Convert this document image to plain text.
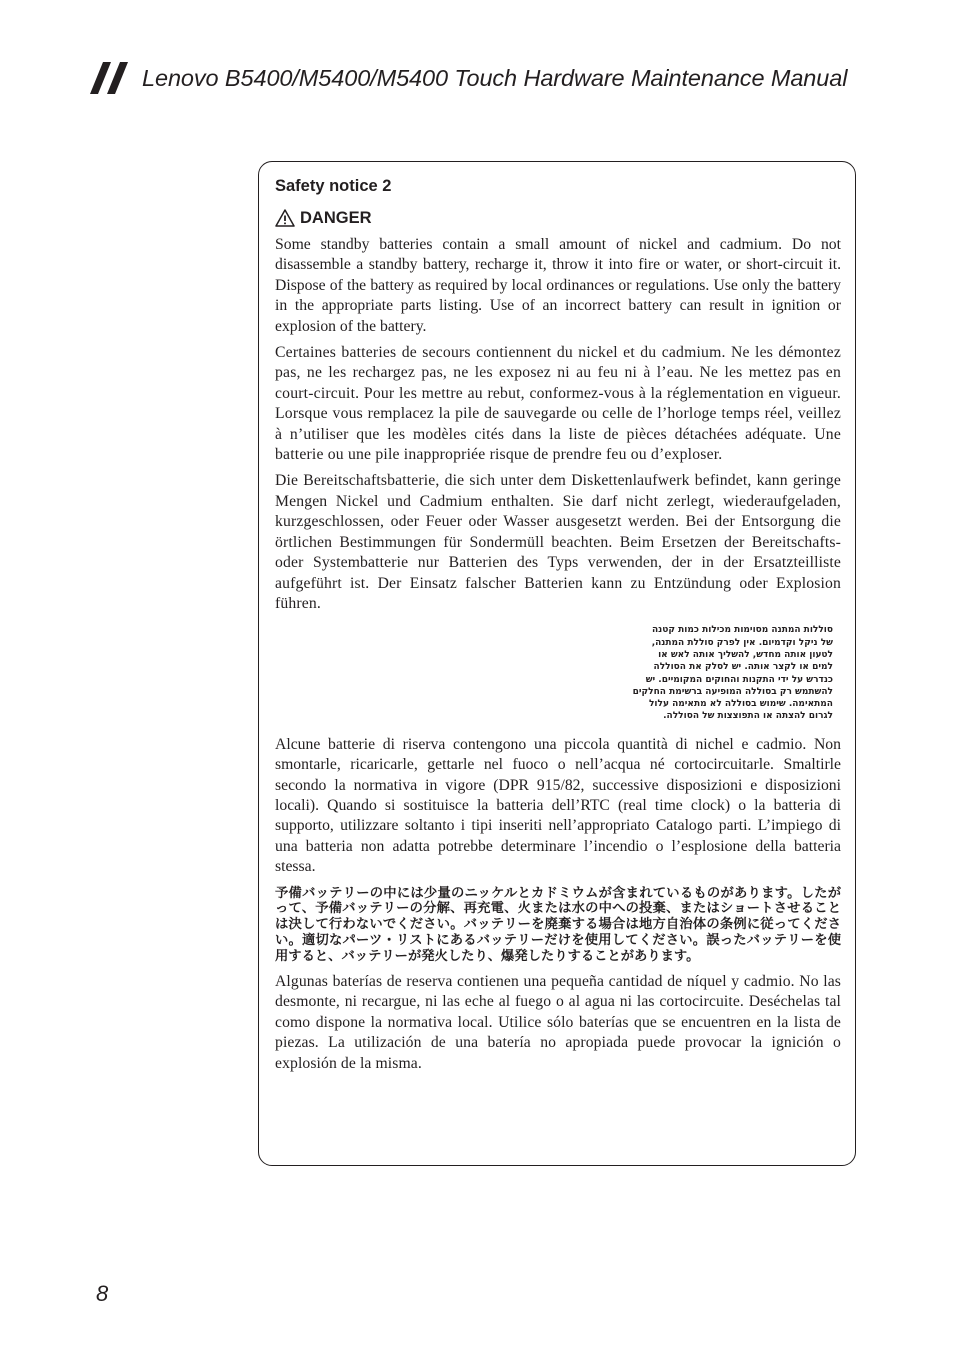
Lenovo B5400/M5400/M5400 Touch Hardware Maintenance Manual
Safety notice 2
DANGER

Some standby batteries contain a small amount of nickel and cadmium. Do not disassemble a standby battery, recharge it, throw it into fire or water, or short-circuit it. Dispose of the battery as required by local ordinances or regulations. Use only the battery in the appropriate parts listing. Use of an incorrect battery can result in ignition or explosion of the battery.

Certaines batteries de secours contiennent du nickel et du cadmium. Ne les démontez pas, ne les rechargez pas, ne les exposez ni au feu ni à l’eau. Ne les mettez pas en court-circuit. Pour les mettre au rebut, conformez-vous à la réglementation en vigueur. Lorsque vous remplacez la pile de sauvegarde ou celle de l’horloge temps réel, veillez à n’utiliser que les modèles cités dans la liste de pièces détachées adéquate. Une batterie ou une pile inappropriée risque de prendre feu ou d’exploser.

Die Bereitschaftsbatterie, die sich unter dem Diskettenlaufwerk befindet, kann geringe Mengen Nickel und Cadmium enthalten. Sie darf nicht zerlegt, wiederaufgeladen, kurzgeschlossen, oder Feuer oder Wasser ausgesetzt werden. Bei der Entsorgung die örtlichen Bestimmungen für Sondermüll beachten. Beim Ersetzen der Bereitschafts-oder Systembatterie nur Batterien des Typs verwenden, der in der Ersatzteilliste aufgeführt ist. Der Einsatz falscher Batterien kann zu Entzündung oder Explosion führen.

סוללות המתנה מסוימות מכילות כמות קטנה
של ניקל וקדמיום. אין לפרק סוללת המתנה,
לטעון אותה מחדש, להשליך אותה לאש או
למים או לקצר אותה. יש לסלק את הסוללה
כנדרש על ידי התקנות והחוקים המקומיים. יש
להשתמש רק בסוללה המופיעה ברשימת החלקים
המתאימה. שימוש בסוללה לא מתאימה עלול
לגרום להצתה או התפוצצות של הסוללה.

Alcune batterie di riserva contengono una piccola quantità di nichel e cadmio. Non smontarle, ricaricarle, gettarle nel fuoco o nell’acqua né cortocircuitarle. Smaltirle secondo la normativa in vigore (DPR 915/82, successive disposizioni e disposizioni locali). Quando si sostituisce la batteria dell’RTC (real time clock) o la batteria di supporto, utilizzare soltanto i tipi inseriti nell’appropriato Catalogo parti. L’impiego di una batteria non adatta potrebbe determinare l’incendio o l’esplosione della batteria stessa.

予備バッテリーの中には少量のニッケルとカドミウムが含まれているものがあります。したがって、予備バッテリーの分解、再充電、火または水の中への投棄、またはショートさせることは決して行わないでください。バッテリーを廃棄する場合は地方自治体の条例に従ってください。適切なパーツ・リストにあるバッテリーだけを使用してください。誤ったバッテリーを使用すると、バッテリーが発火したり、爆発したりすることがあります。

Algunas baterías de reserva contienen una pequeña cantidad de níquel y cadmio. No las desmonte, ni recargue, ni las eche al fuego o al agua ni las cortocircuite. Deséchelas tal como dispone la normativa local. Utilice sólo baterías que se encuentren en la lista de piezas. La utilización de una batería no apropiada puede provocar la ignición o explosión de la misma.

8
